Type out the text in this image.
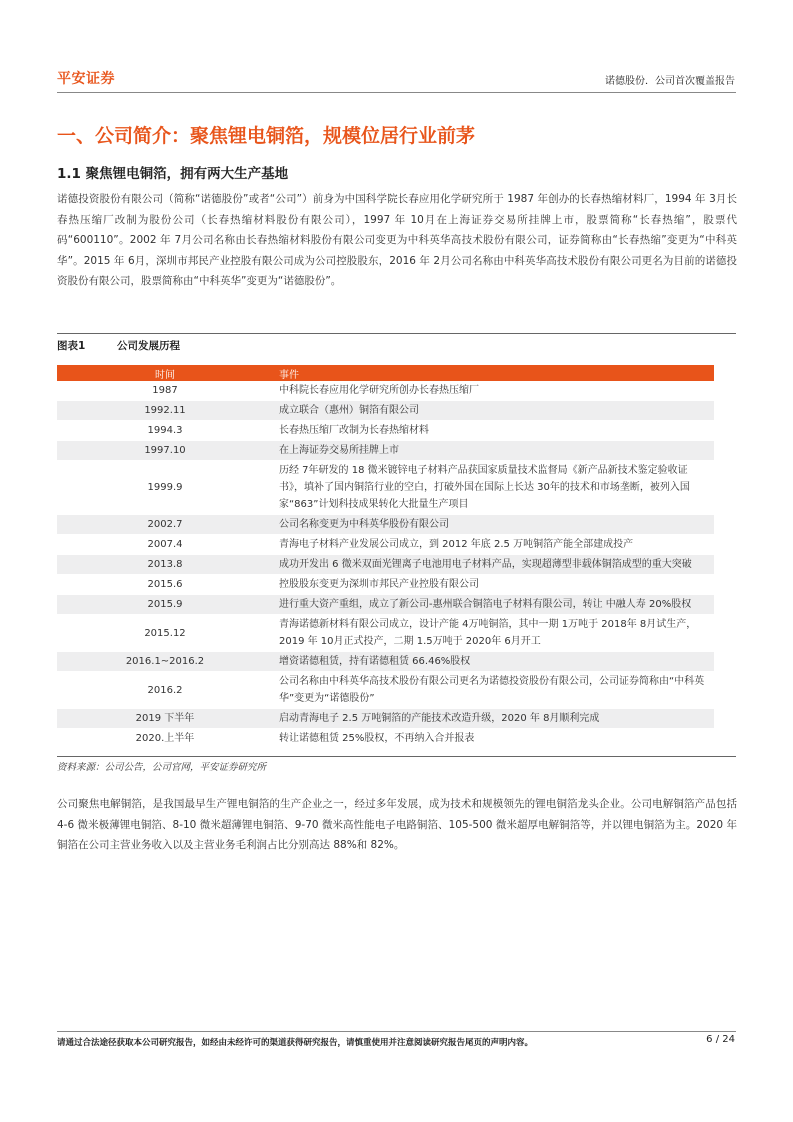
平安证券	诺德股份．公司首次覆盖报告
一、公司简介：聚焦锂电铜箔，规模位居行业前茅
1.1 聚焦锂电铜箔，拥有两大生产基地

诺德投资股份有限公司（简称“诺德股份”或者“公司”）前身为中国科学院长春应用化学研究所于 1987 年创办的长春热缩材料厂，1994 年 3月长春热压缩厂改制为股份公司（长春热缩材料股份有限公司），1997 年 10月在上海证券交易所挂牌上市，股票简称“长春热缩”，股票代码“600110”。2002 年 7月公司名称由长春热缩材料股份有限公司变更为中科英华高技术股份有限公司，证券简称由“长春热缩”变更为“中科英华”。2015 年 6月，深圳市邦民产业控股有限公司成为公司控股股东，2016 年 2月公司名称由中科英华高技术股份有限公司更名为目前的诺德投资股份有限公司，股票简称由“中科英华”变更为“诺德股份”。

图表1	公司发展历程
时间	事件
1987	中科院长春应用化学研究所创办长春热压缩厂
1992.11	成立联合（惠州）铜箔有限公司
1994.3	长春热压缩厂改制为长春热缩材料
1997.10	在上海证券交易所挂牌上市
1999.9	历经 7年研发的 18 微米镀锌电子材料产品获国家质量技术监督局《新产品新技术鉴定验收证书》，填补了国内铜箔行业的空白，打破外国在国际上长达 30年的技术和市场垄断，被列入国家“863”计划科技成果转化大批量生产项目
2002.7	公司名称变更为中科英华股份有限公司
2007.4	青海电子材料产业发展公司成立，到 2012 年底 2.5 万吨铜箔产能全部建成投产
2013.8	成功开发出 6 微米双面光锂离子电池用电子材料产品，实现超薄型非载体铜箔成型的重大突破
2015.6	控股股东变更为深圳市邦民产业控股有限公司
2015.9	进行重大资产重组，成立了新公司-惠州联合铜箔电子材料有限公司，转让 中融人寿 20%股权
2015.12	青海诺德新材料有限公司成立，设计产能 4万吨铜箔，其中一期 1万吨于 2018年 8月试生产，2019 年 10月正式投产，二期 1.5万吨于 2020年 6月开工
2016.1~2016.2	增资诺德租赁，持有诺德租赁 66.46%股权
2016.2	公司名称由中科英华高技术股份有限公司更名为诺德投资股份有限公司，公司证券简称由“中科英华”变更为“诺德股份”
2019 下半年	启动青海电子 2.5 万吨铜箔的产能技术改造升级，2020 年 8月顺利完成
2020.上半年	转让诺德租赁 25%股权，不再纳入合并报表
资料来源：公司公告，公司官网，平安证券研究所

公司聚焦电解铜箔，是我国最早生产锂电铜箔的生产企业之一，经过多年发展，成为技术和规模领先的锂电铜箔龙头企业。公司电解铜箔产品包括 4-6 微米极薄锂电铜箔、8-10 微米超薄锂电铜箔、9-70 微米高性能电子电路铜箔、105-500 微米超厚电解铜箔等，并以锂电铜箔为主。2020 年铜箔在公司主营业务收入以及主营业务毛利润占比分别高达 88%和 82%。

请通过合法途径获取本公司研究报告，如经由未经许可的渠道获得研究报告，请慎重使用并注意阅读研究报告尾页的声明内容。	6 / 24
